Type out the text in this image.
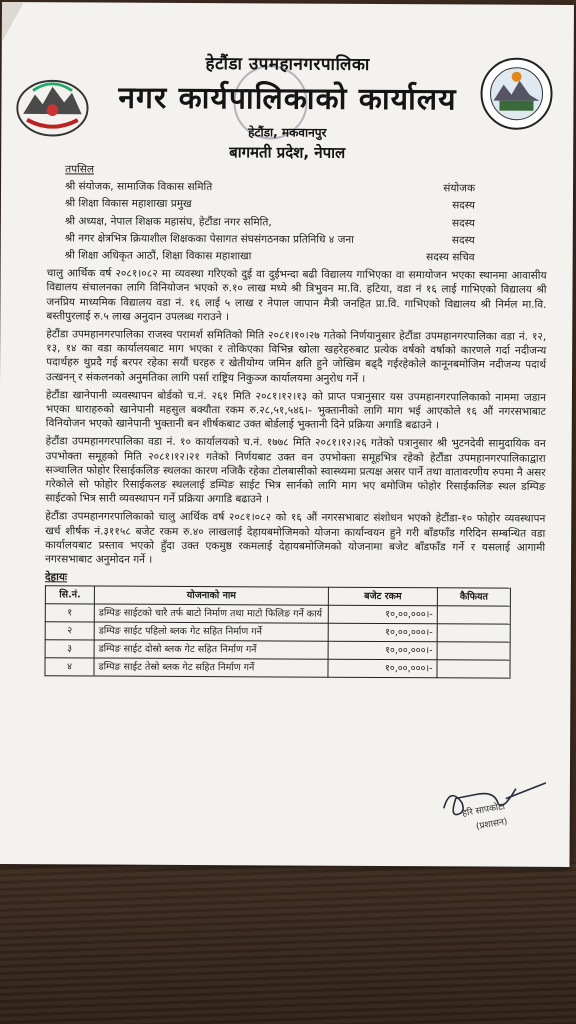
हेटौंडा उपमहानगरपालिका
नगर कार्यपालिकाको कार्यालय
हेटौंडा, मकवानपुर
बागमती प्रदेश, नेपाल
तपसिल
श्री संयोजक, सामाजिक विकास समिति	संयोजक
श्री शिक्षा विकास महाशाखा प्रमुख	सदस्य
श्री अध्यक्ष, नेपाल शिक्षक महासंघ, हेटौंडा नगर समिति,	सदस्य
श्री नगर क्षेत्रभित्र क्रियाशील शिक्षकका पेसागत संघसंगठनका प्रतिनिधि ४ जना	सदस्य
श्री शिक्षा अधिकृत आठौं, शिक्षा विकास महाशाखा	सदस्य सचिव
चालु आर्थिक वर्ष २०८१।०८२ मा व्यवस्था गरिएको दुई वा दुईभन्दा बढी विद्यालय गाभिएका वा समायोजन भएका स्थानमा आवासीय विद्यालय संचालनका लागि विनियोजन भएको रु.१० लाख मध्ये श्री त्रिभुवन मा.वि. हटिया, वडा नं १६ लाई गाभिएको विद्यालय श्री जनप्रिय माध्यमिक विद्यालय वडा नं. १६ लाई ५ लाख र नेपाल जापान मैत्री जनहित प्रा.वि. गाभिएको विद्यालय श्री निर्मल मा.वि. बस्तीपुरलाई रु.५ लाख अनुदान उपलब्ध गराउने ।
हेटौंडा उपमहानगरपालिका राजस्व परामर्श समितिको मिति २०८१।१०।२७ गतेको निर्णयानुसार हेटौंडा उपमहानगरपालिका वडा नं. १२, १३, १४ का वडा कार्यालयबाट माग भएका र तोकिएका विभिन्न खोला खहरेहरुबाट प्रत्येक वर्षको वर्षाको कारणले गर्दा नदीजन्य पदार्थहरु थुप्रदै गई बरपर रहेका सयौं घरहरु र खेतीयोग्य जमिन क्षति हुने जोखिम बढ्दै गईरहेकोले कानूनबमोजिम नदीजन्य पदार्थ उत्खनन् र संकलनको अनुमतिका लागि पर्सा राष्ट्रिय निकुञ्ज कार्यालयमा अनुरोध गर्ने ।
हेटौंडा खानेपानी व्यवस्थापन बोर्डको च.नं. २६१ मिति २०८१।१२।१३ को प्राप्त पत्रानुसार यस उपमहानगरपालिकाको नाममा जडान भएका धाराहरुको खानेपानी महसुल बक्यौता रकम रु.२८,५१,५४६।- भुक्तानीको लागि माग भई आएकोले १६ औं नगरसभाबाट विनियोजन भएको खानेपानी भुक्तानी बन शीर्षकबाट उक्त बोर्डलाई भुक्तानी दिने प्रक्रिया अगाडि बढाउने ।
हेटौंडा उपमहानगरपालिका वडा नं. १० कार्यालयको च.नं. १७७८ मिति २०८१।१२।२६ गतेको पत्रानुसार श्री भुटनदेवी सामुदायिक वन उपभोक्ता समूहको मिति २०८१।१२।२१ गतेको निर्णयबाट उक्त वन उपभोक्ता समूहभित्र रहेको हेटौंडा उपमहानगरपालिकाद्वारा सञ्चालित फोहोर रिसाईकलिङ स्थलका कारण नजिकै रहेका टोलबासीको स्वास्थ्यमा प्रत्यक्ष असर पार्ने तथा वातावरणीय रुपमा नै असर गरेकोले सो फोहोर रिसाईकलङ स्थललाई डम्पिङ साईट भित्र सार्नको लागि माग भए बमोजिम फोहोर रिसाईकलिङ स्थल डम्पिङ साईटको भित्र सारी व्यवस्थापन गर्ने प्रक्रिया अगाडि बढाउने ।
हेटौंडा उपमहानगरपालिकाको चालु आर्थिक वर्ष २०८१।०८२ को १६ औं नगरसभाबाट संशोधन भएको हेटौंडा-१० फोहोर व्यवस्थापन खर्च शीर्षक नं.३११५८ बजेट रकम रु.४० लाखलाई देहायबमोजिमको योजना कार्यान्वयन हुने गरी बाँडफाँड गरिदिन सम्बन्धित वडा कार्यालयबाट प्रस्ताव भएको हुँदा उक्त एकमुष्ठ रकमलाई देहायबमोजिमको योजनामा बजेट बाँडफाँड गर्ने र यसलाई आगामी नगरसभाबाट अनुमोदन गर्ने ।
देहायः
सि.नं.	योजनाको नाम	बजेट रकम	कैफियत
१	डम्पिङ साईटको चारै तर्फ बाटो निर्माण तथा माटो फिलिङ गर्ने कार्य	१०,००,०००।-	
२	डम्पिङ साईट पहिलो ब्लक गेट सहित निर्माण गर्ने	१०,००,०००।-	
३	डम्पिङ साईट दोस्रो ब्लक गेट सहित निर्माण गर्ने	१०,००,०००।-	
४	डम्पिङ साईट तेस्रो ब्लक गेट सहित निर्माण गर्ने	१०,००,०००।-	
हरि सापकोटा
(प्रशासन)
